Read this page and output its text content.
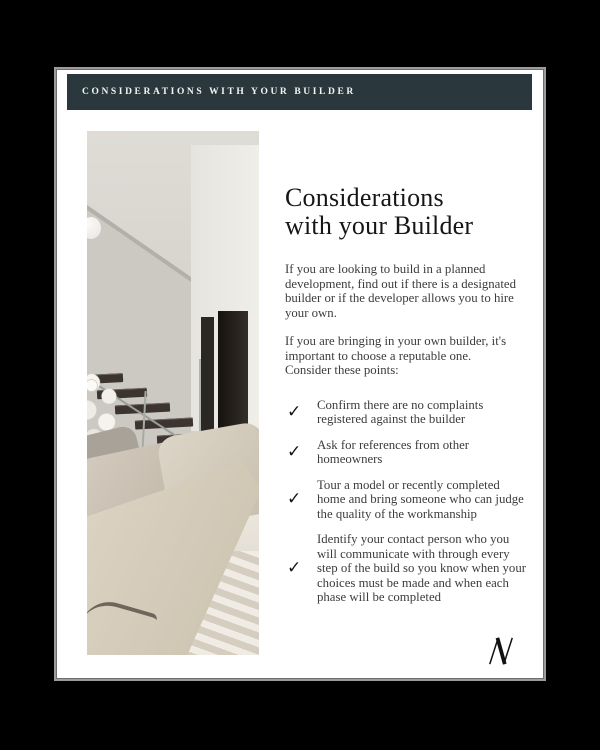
CONSIDERATIONS WITH YOUR BUILDER
Considerations with your Builder

If you are looking to build in a planned development, find out if there is a designated builder or if the developer allows you to hire your own.

If you are bringing in your own builder, it's important to choose a reputable one. Consider these points:

✓	Confirm there are no complaints registered against the builder
✓	Ask for references from other homeowners
✓
Tour a model or recently completed home and bring someone who can judge the quality of the workmanship
✓
Identify your contact person who you will communicate with through every step of the build so you know when your choices must be made and when each phase will be completed
